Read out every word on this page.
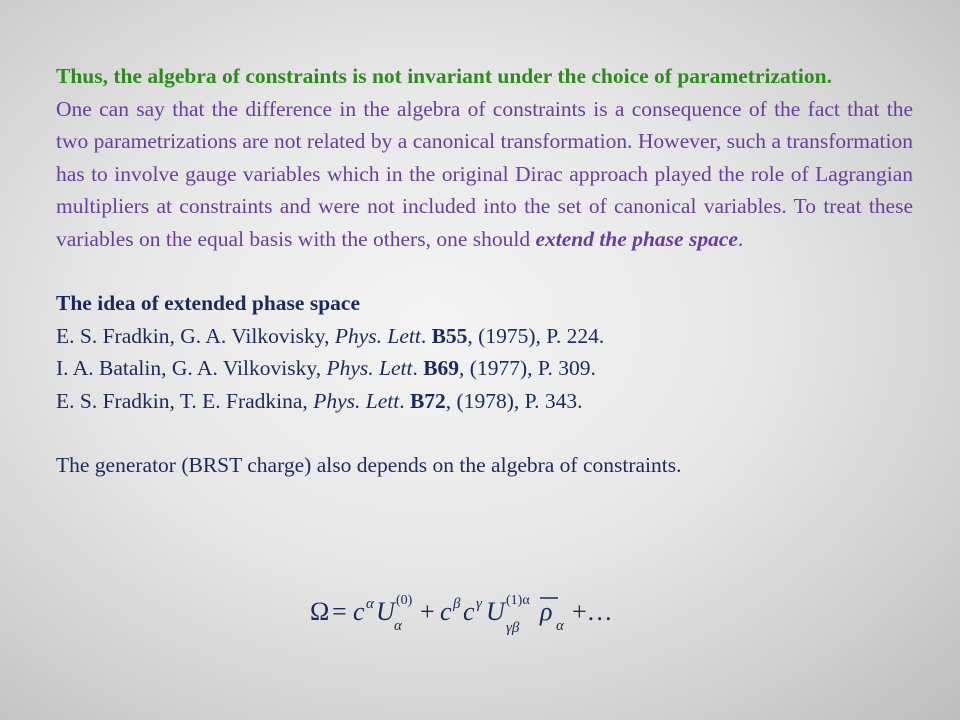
Thus, the algebra of constraints is not invariant under the choice of parametrization.
One can say that the difference in the algebra of constraints is a consequence of the fact that the two parametrizations are not related by a canonical transformation. However, such a transformation has to involve gauge variables which in the original Dirac approach played the role of Lagrangian multipliers at constraints and were not included into the set of canonical variables. To treat these variables on the equal basis with the others, one should extend the phase space.

The idea of extended phase space
E. S. Fradkin, G. A. Vilkovisky, Phys. Lett. B55, (1975), P. 224.
I. A. Batalin, G. A. Vilkovisky, Phys. Lett. B69, (1977), P. 309.
E. S. Fradkin, T. E. Fradkina, Phys. Lett. B72, (1978), P. 343.
The generator (BRST charge) also depends on the algebra of constraints.
Ω = c α U (0)
α + c β c γ U (1)α
γβ
ρ α +…
